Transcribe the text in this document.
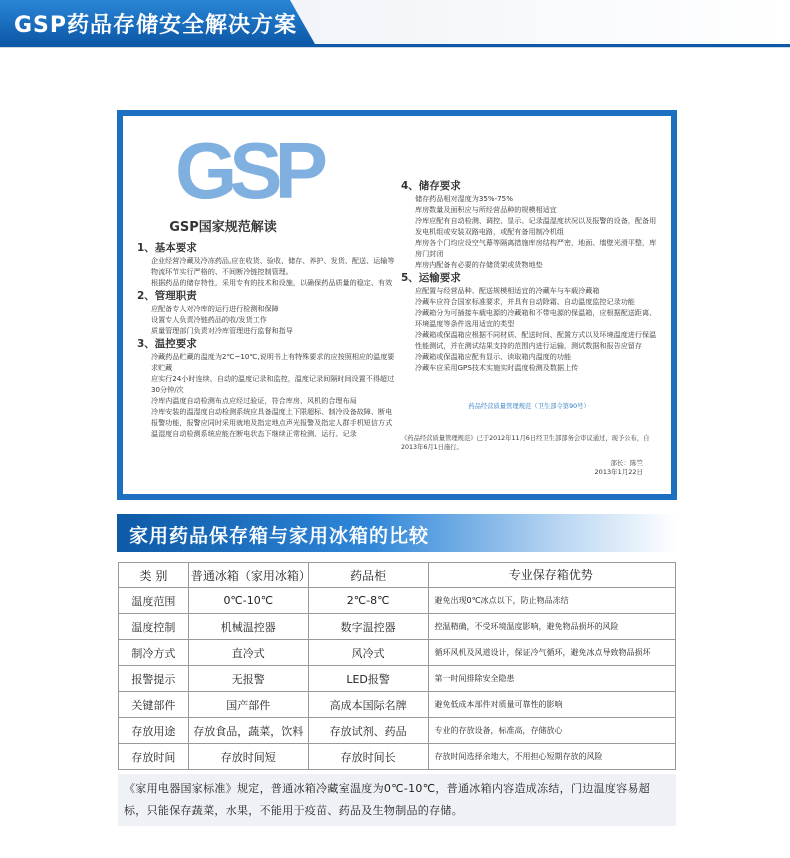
GSP药品存储安全解决方案
GSP
GSP国家规范解读

1、基本要求

企业经营冷藏及冷冻药品,应在收货、验收、储存、养护、发货、配送、运输等物流环节实行严格的、不间断冷链控制管理。

根据药品的储存特性，采用专有的技术和设施，以确保药品质量的稳定、有效

2、管理职责

应配备专人对冷库的运行进行检测和保障

设置专人负责冷链药品的收/发货工作

质量管理部门负责对冷库管理进行监督和指导

3、温控要求

冷藏药品贮藏的温度为2℃~10℃,说明书上有特殊要求的应按照相应的温度要求贮藏

应实行24小时连续、自动的温度记录和监控，温度记录间隔时间设置不得超过30分钟/次

冷库内温度自动检测布点应经过验证，符合库房、风机的合理布局

冷库安装的温湿度自动检测系统应具备温度上下限超标、制冷设备故障、断电报警功能，报警应同时采用就地及指定地点声光报警及指定人群手机短信方式

温湿度自动检测系统应能在断电状态下继续正常检测、运行、记录

4、储存要求

储存药品相对湿度为35%-75%

库房数量及面积应与所经营品种的规模相适宜

冷库应配有自动检测、调控、显示、记录温湿度状况以及报警的设备，配备用发电机组或安装双路电路，或配有备用制冷机组

库房各个门均应设空气幕等隔离措施库房结构严密，地面、墙壁光滑平整，库房门封闭

库房内配备有必要的存储货架或货物地垫

5、运输要求

应配置与经营品种、配送规模相适宜的冷藏车与车载冷藏箱

冷藏车应符合国家标准要求，并具有自动除霜、自动温度监控记录功能

冷藏箱分为可插接车载电源的冷藏箱和不带电源的保温箱，应根据配送距离、环境温度等条件选用适宜的类型

冷藏箱或保温箱应根据不同材质、配送时间、配置方式以及环境温度进行保温性能测试，并在测试结果支持的范围内进行运输，测试数据和报告应留存

冷藏箱或保温箱应配有显示、读取箱内温度的功能

冷藏车应采用GPS技术实施实时温度检测及数据上传

药品经营质量管理规范（卫生部令第90号）
《药品经营质量管理规范》已于2012年11月6日经卫生部部务会审议通过，现予公布，自2013年6月1日施行。
部长：陈竺
2013年1月22日
家用药品保存箱与家用冰箱的比较
类 别	普通冰箱（家用冰箱）	药品柜	专业保存箱优势
温度范围	0℃-10℃	2℃-8℃	避免出现0℃冰点以下，防止物品冻结
温度控制	机械温控器	数字温控器	控温精确，不受环境温度影响，避免物品损坏的风险
制冷方式	直冷式	风冷式	循环风机及风道设计，保证冷气循环，避免冰点导致物品损坏
报警提示	无报警	LED报警	第一时间排除安全隐患
关键部件	国产部件	高成本国际名牌	避免低成本部件对质量可靠性的影响
存放用途	存放食品，蔬菜，饮料	存放试剂、药品	专业的存放设备，标准高，存储放心
存放时间	存放时间短	存放时间长	存放时间选择余地大，不用担心短期存放的风险
《家用电器国家标准》规定，普通冰箱冷藏室温度为0℃-10℃，普通冰箱内容造成冻结，门边温度容易超标，只能保存蔬菜，水果，不能用于疫苗、药品及生物制品的存储。
